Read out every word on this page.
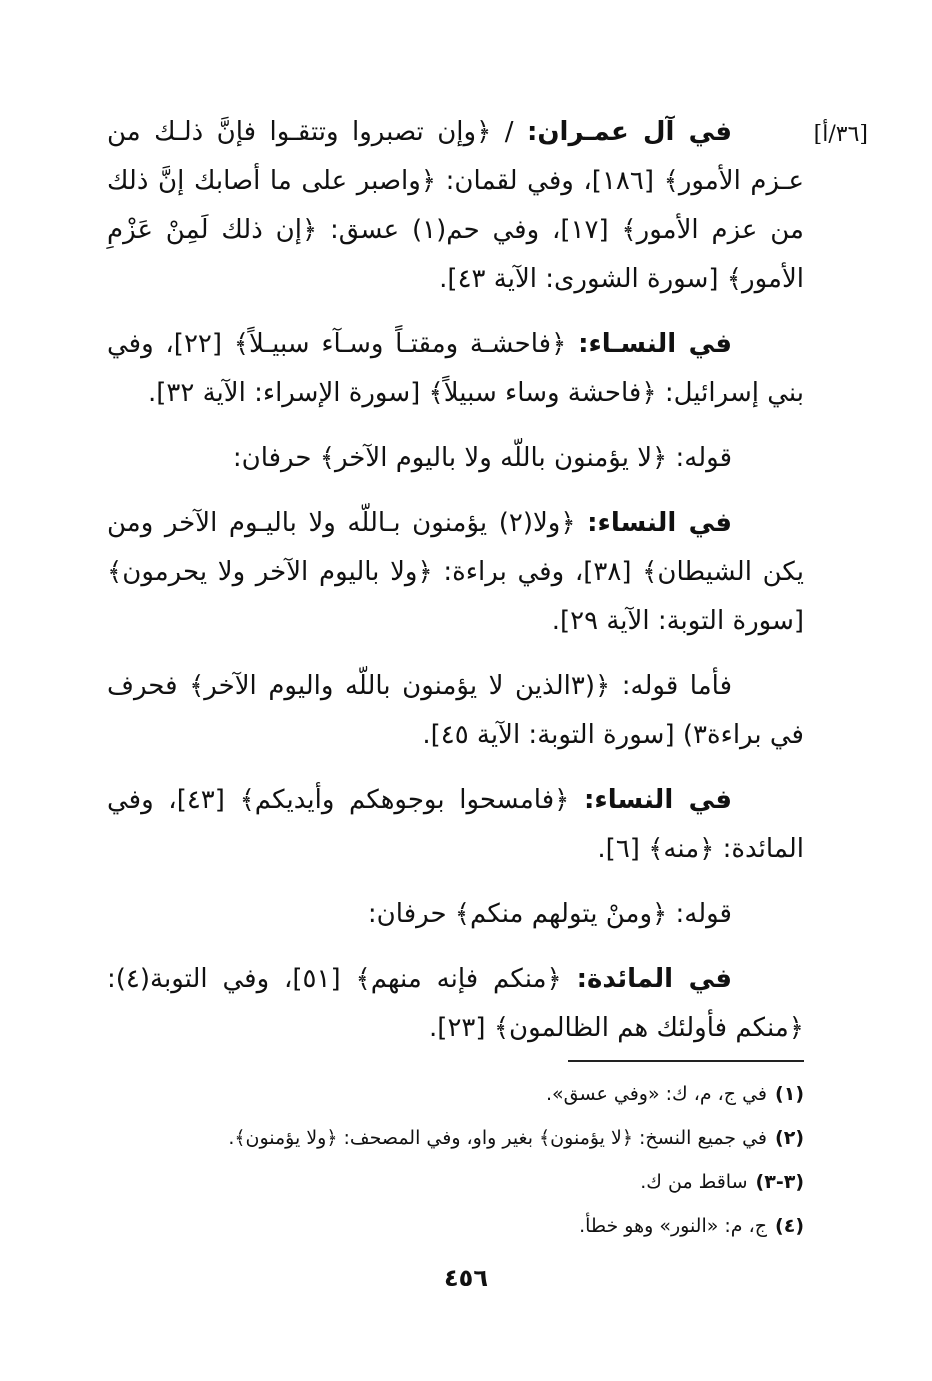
[٣٦/أ]

في آل عمـران: / ﴿وإن تصبروا وتتقـوا فإنَّ ذلـك من عـزم الأمور﴾ [١٨٦]، وفي لقمان: ﴿واصبر على ما أصابك إنَّ ذلك من عزم الأمور﴾ [١٧]، وفي حم(١) عسق: ﴿إن ذلك لَمِنْ عَزْمِ الأمور﴾ [سورة الشورى: الآية ٤٣].

في النسـاء: ﴿فاحشـة ومقتـاً وسـآء سبيـلاً﴾ [٢٢]، وفي بني إسرائيل: ﴿فاحشة وساء سبيلاً﴾ [سورة الإسراء: الآية ٣٢].

قوله: ﴿لا يؤمنون باللّه ولا باليوم الآخر﴾ حرفان:

في النساء: ﴿ولا(٢) يؤمنون بـاللّه ولا باليـوم الآخر ومن يكن الشيطان﴾ [٣٨]، وفي براءة: ﴿ولا باليوم الآخر ولا يحرمون﴾ [سورة التوبة: الآية ٢٩].

فأما قوله: ﴿(٣الذين لا يؤمنون باللّه واليوم الآخر﴾ فحرف في براءة٣) [سورة التوبة: الآية ٤٥].

في النساء: ﴿فامسحوا بوجوهكم وأيديكم﴾ [٤٣]، وفي المائدة: ﴿منه﴾ [٦].

قوله: ﴿ومنْ يتولهم منكم﴾ حرفان:

في المائدة: ﴿منكم فإنه منهم﴾ [٥١]، وفي التوبة(٤): ﴿منكم فأولئك هم الظالمون﴾ [٢٣].

(١)في ج، م، ك: «وفي عسق».

(٢)في جميع النسخ: ﴿لا يؤمنون﴾ بغير واو، وفي المصحف: ﴿ولا يؤمنون﴾.

(٣-٣)ساقط من ك.

(٤)ج، م: «النور» وهو خطأ.

٤٥٦
